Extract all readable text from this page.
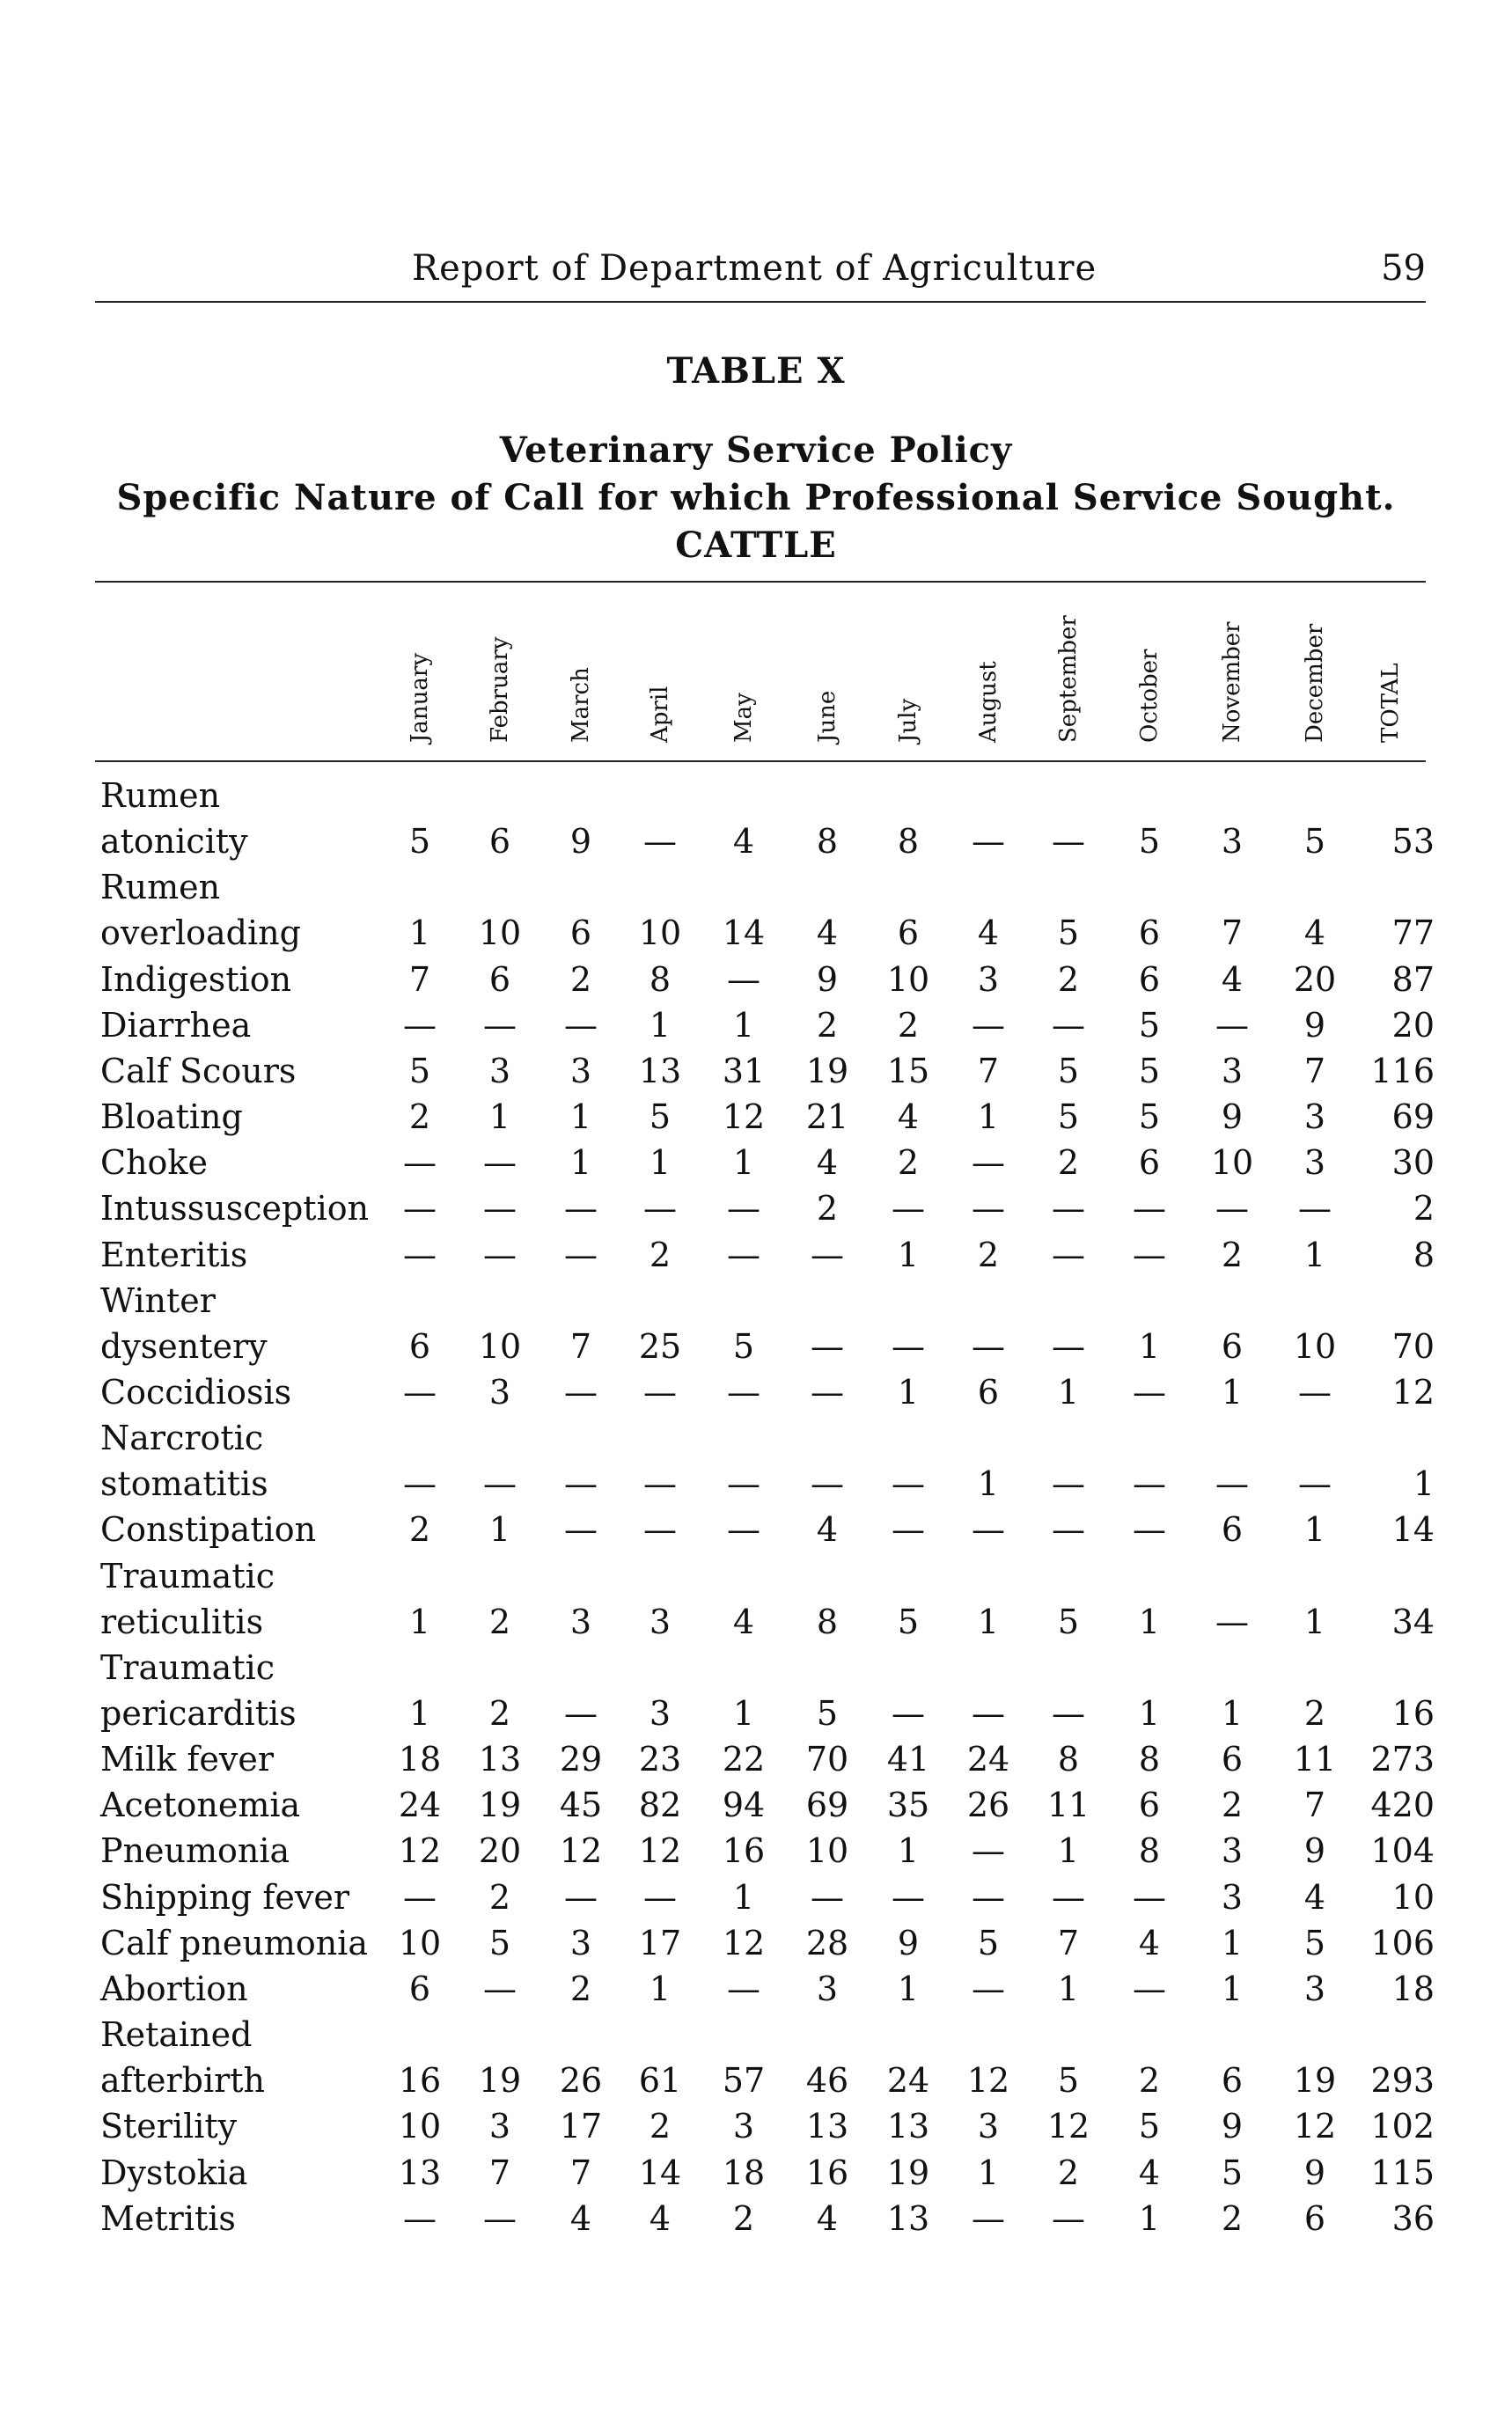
Report of Department of Agriculture	59
TABLE X
Veterinary Service Policy
Specific Nature of Call for which Professional Service Sought.
CATTLE
January February March April	May	June July August September October November December TOTAL
Rumen
atonicity	5	6	9	—	4	8	8	—	—	5	3	5	53
Rumen
overloading	1	10	6	10	14	4	6	4	5	6	7	4	77
Indigestion	7	6	2	8	—	9	10	3	2	6	4	20	87
Diarrhea	—	—	—	1	1	2	2	—	—	5	—	9	20
Calf Scours	5	3	3	13	31	19	15	7	5	5	3	7	116
Bloating	2	1	1	5	12	21	4	1	5	5	9	3	69
Choke	—	—	1	1	1	4	2	—	2	6	10	3	30
Intussusception	—	—	—	—	—	2	—	—	—	—	—	—	2
Enteritis	—	—	—	2	—	—	1	2	—	—	2	1	8
Winter
dysentery	6	10	7	25	5	—	—	—	—	1	6	10	70
Coccidiosis	—	3	—	—	—	—	1	6	1	—	1	—	12
Narcrotic
stomatitis	—	—	—	—	—	—	—	1	—	—	—	—	1
Constipation	2	1	—	—	—	4	—	—	—	—	6	1	14
Traumatic
reticulitis	1	2	3	3	4	8	5	1	5	1	—	1	34
Traumatic
pericarditis	1	2	—	3	1	5	—	—	—	1	1	2	16
Milk fever	18	13	29	23	22	70	41	24	8	8	6	11	273
Acetonemia	24	19	45	82	94	69	35	26	11	6	2	7	420
Pneumonia	12	20	12	12	16	10	1	—	1	8	3	9	104
Shipping fever	—	2	—	—	1	—	—	—	—	—	3	4	10
Calf pneumonia 10	5	3	17	12	28	9	5	7	4	1	5	106
Abortion	6	—	2	1	—	3	1	—	1	—	1	3	18
Retained
afterbirth	16	19	26	61	57	46	24	12	5	2	6	19	293
Sterility	10	3	17	2	3	13	13	3	12	5	9	12	102
Dystokia	13	7	7	14	18	16	19	1	2	4	5	9	115
Metritis	—	—	4	4	2	4	13	—	—	1	2	6	36
